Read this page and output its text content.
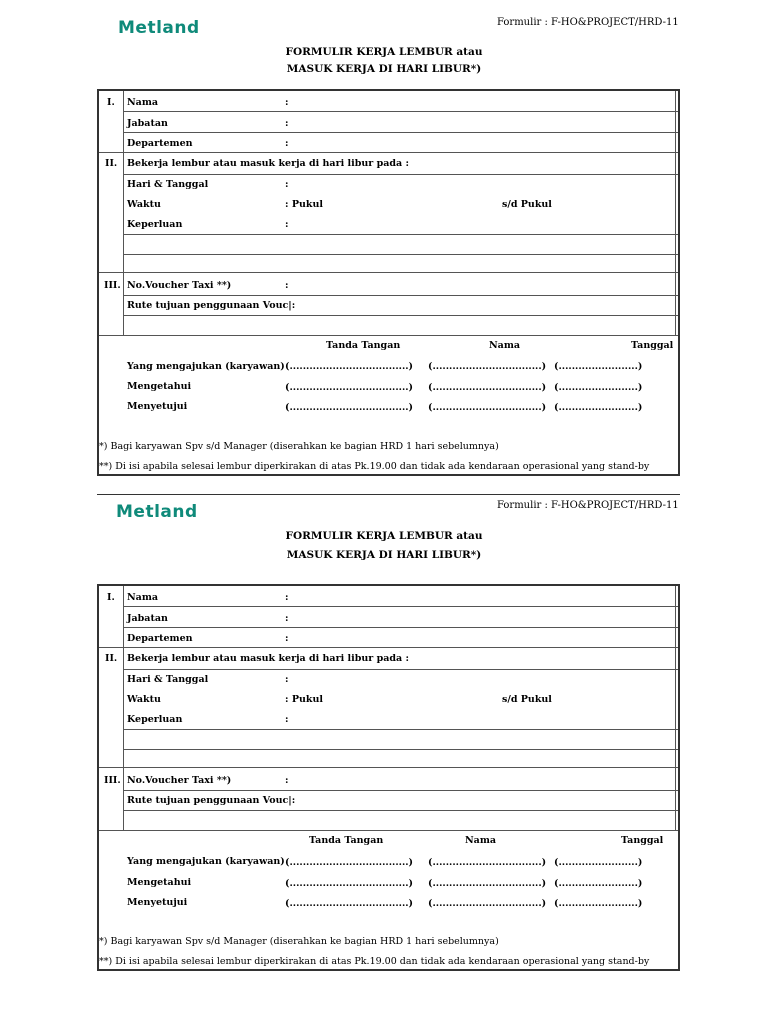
Metland	Formulir : F-HO&PROJECT/HRD-11
FORMULIR KERJA LEMBUR atau
MASUK KERJA DI HARI LIBUR*)
I. Nama	:
Jabatan	:
Departemen	:
II. Bekerja lembur atau masuk kerja di hari libur pada :
Hari & Tanggal	:
Waktu	: Pukul	s/d Pukul
Keperluan	:
III. No.Voucher Taxi **)	:
Rute tujuan penggunaan Vouc|:
Tanda Tangan	Nama	Tanggal
Yang mengajukan (karyawan) (....................................) (.................................) (........................)
Mengetahui	(....................................) (.................................) (........................)
Menyetujui	(....................................) (.................................) (........................)
*) Bagi karyawan Spv s/d Manager (diserahkan ke bagian HRD 1 hari sebelumnya)
**) Di isi apabila selesai lembur diperkirakan di atas Pk.19.00 dan tidak ada kendaraan operasional yang stand-by
Metland	Formulir : F-HO&PROJECT/HRD-11
FORMULIR KERJA LEMBUR atau
MASUK KERJA DI HARI LIBUR*)
I. Nama	:
Jabatan	:
Departemen	:
II. Bekerja lembur atau masuk kerja di hari libur pada :
Hari & Tanggal	:
Waktu	: Pukul	s/d Pukul
Keperluan	:
III. No.Voucher Taxi **)	:
Rute tujuan penggunaan Vouc|:
Tanda Tangan	Nama	Tanggal
Yang mengajukan (karyawan) (....................................) (.................................) (........................)
Mengetahui	(....................................) (.................................) (........................)
Menyetujui	(....................................) (.................................) (........................)
*) Bagi karyawan Spv s/d Manager (diserahkan ke bagian HRD 1 hari sebelumnya)
**) Di isi apabila selesai lembur diperkirakan di atas Pk.19.00 dan tidak ada kendaraan operasional yang stand-by
